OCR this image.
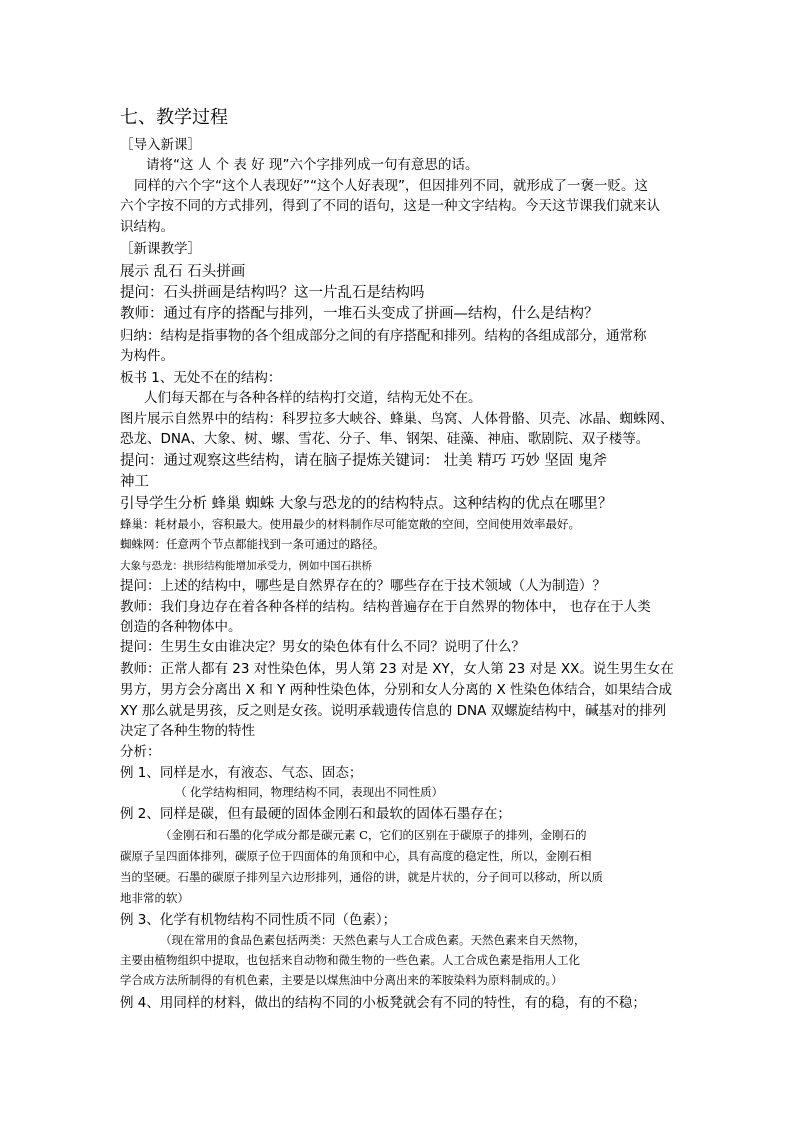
七、教学过程
［导入新课］
请将“这 人 个 表 好 现”六个字排列成一句有意思的话。
同样的六个字“这个人表现好”“这个人好表现”，但因排列不同，就形成了一褒一贬。这
六个字按不同的方式排列，得到了不同的语句，这是一种文字结构。今天这节课我们就来认
识结构。
［新课教学］
展示 乱石 石头拼画
提问：石头拼画是结构吗？这一片乱石是结构吗
教师：通过有序的搭配与排列，一堆石头变成了拼画—结构，什么是结构？
归纳：结构是指事物的各个组成部分之间的有序搭配和排列。结构的各组成部分，通常称
为构件。
板书 1、无处不在的结构：
人们每天都在与各种各样的结构打交道，结构无处不在。
图片展示自然界中的结构：科罗拉多大峡谷、蜂巢、鸟窝、人体骨骼、贝壳、冰晶、蜘蛛网、
恐龙、DNA、大象、树、螺、雪花、分子、隼、钢架、硅藻、神庙、歌剧院、双子楼等。
提问：通过观察这些结构，请在脑子提炼关键词： 壮美 精巧 巧妙 坚固 鬼斧
神工
引导学生分析 蜂巢 蜘蛛 大象与恐龙的的结构特点。这种结构的优点在哪里？
蜂巢：耗材最小，容积最大。使用最少的材料制作尽可能宽敞的空间，空间使用效率最好。
蜘蛛网：任意两个节点都能找到一条可通过的路径。
大象与恐龙：拱形结构能增加承受力，例如中国石拱桥
提问：上述的结构中，哪些是自然界存在的？哪些存在于技术领域（人为制造）？
教师：我们身边存在着各种各样的结构。结构普遍存在于自然界的物体中， 也存在于人类
创造的各种物体中。
提问：生男生女由谁决定？男女的染色体有什么不同？说明了什么？
教师：正常人都有 23 对性染色体，男人第 23 对是 XY，女人第 23 对是 XX。说生男生女在
男方，男方会分离出 X 和 Y 两种性染色体，分别和女人分离的 X 性染色体结合，如果结合成
XY 那么就是男孩，反之则是女孩。说明承载遗传信息的 DNA 双螺旋结构中，碱基对的排列
决定了各种生物的特性
分析：
例 1、同样是水，有液态、气态、固态；
（ 化学结构相同，物理结构不同，表现出不同性质）
例 2、同样是碳，但有最硬的固体金刚石和最软的固体石墨存在；
（金刚石和石墨的化学成分都是碳元素 C，它们的区别在于碳原子的排列，金刚石的
碳原子呈四面体排列，碳原子位于四面体的角顶和中心，具有高度的稳定性，所以，金刚石相
当的坚硬。石墨的碳原子排列呈六边形排列，通俗的讲，就是片状的，分子间可以移动，所以质
地非常的软）
例 3、化学有机物结构不同性质不同（色素）；
（现在常用的食品色素包括两类：天然色素与人工合成色素。天然色素来自天然物，
主要由植物组织中提取，也包括来自动物和微生物的一些色素。人工合成色素是指用人工化
学合成方法所制得的有机色素，主要是以煤焦油中分离出来的苯胺染料为原料制成的。）
例 4、用同样的材料，做出的结构不同的小板凳就会有不同的特性，有的稳，有的不稳；
